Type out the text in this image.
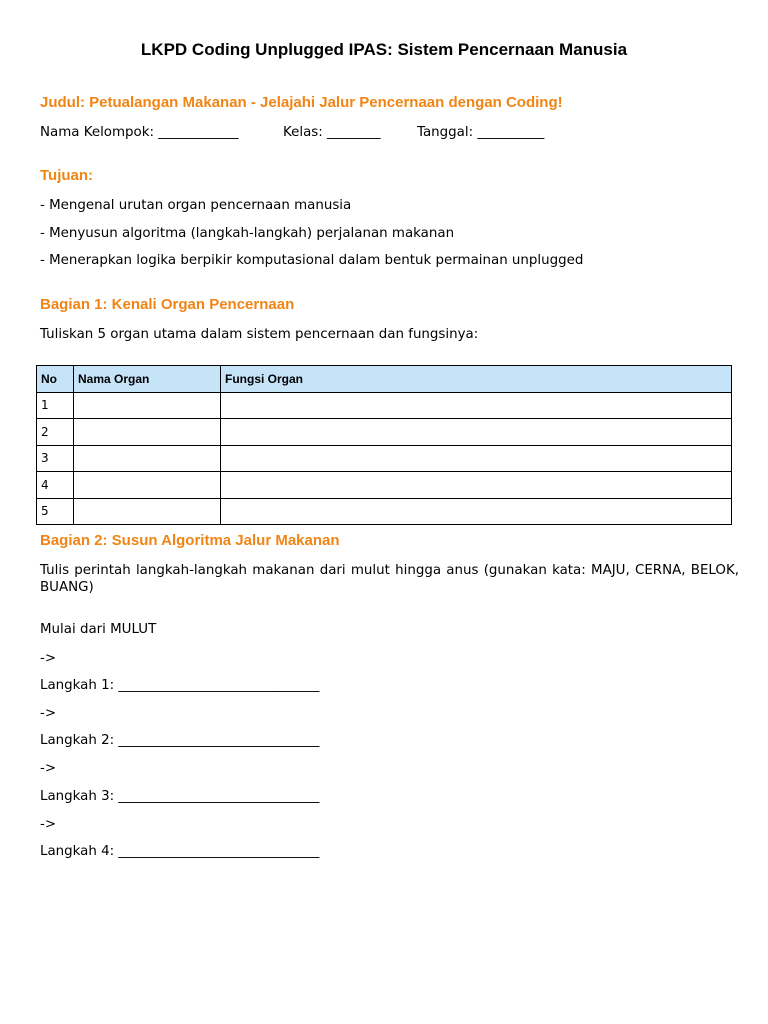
LKPD Coding Unplugged IPAS: Sistem Pencernaan Manusia
Judul: Petualangan Makanan - Jelajahi Jalur Pencernaan dengan Coding!
Nama Kelompok: ____________	Kelas: ________	Tanggal: __________
Tujuan:
- Mengenal urutan organ pencernaan manusia
- Menyusun algoritma (langkah-langkah) perjalanan makanan
- Menerapkan logika berpikir komputasional dalam bentuk permainan unplugged
Bagian 1: Kenali Organ Pencernaan
Tuliskan 5 organ utama dalam sistem pencernaan dan fungsinya:
No	Nama Organ	Fungsi Organ
1		
2		
3		
4		
5		
Bagian 2: Susun Algoritma Jalur Makanan
Tulis perintah langkah-langkah makanan dari mulut hingga anus (gunakan kata: MAJU, CERNA, BELOK, BUANG)
Mulai dari MULUT
->
Langkah 1: ______________________________
->
Langkah 2: ______________________________
->
Langkah 3: ______________________________
->
Langkah 4: ______________________________
